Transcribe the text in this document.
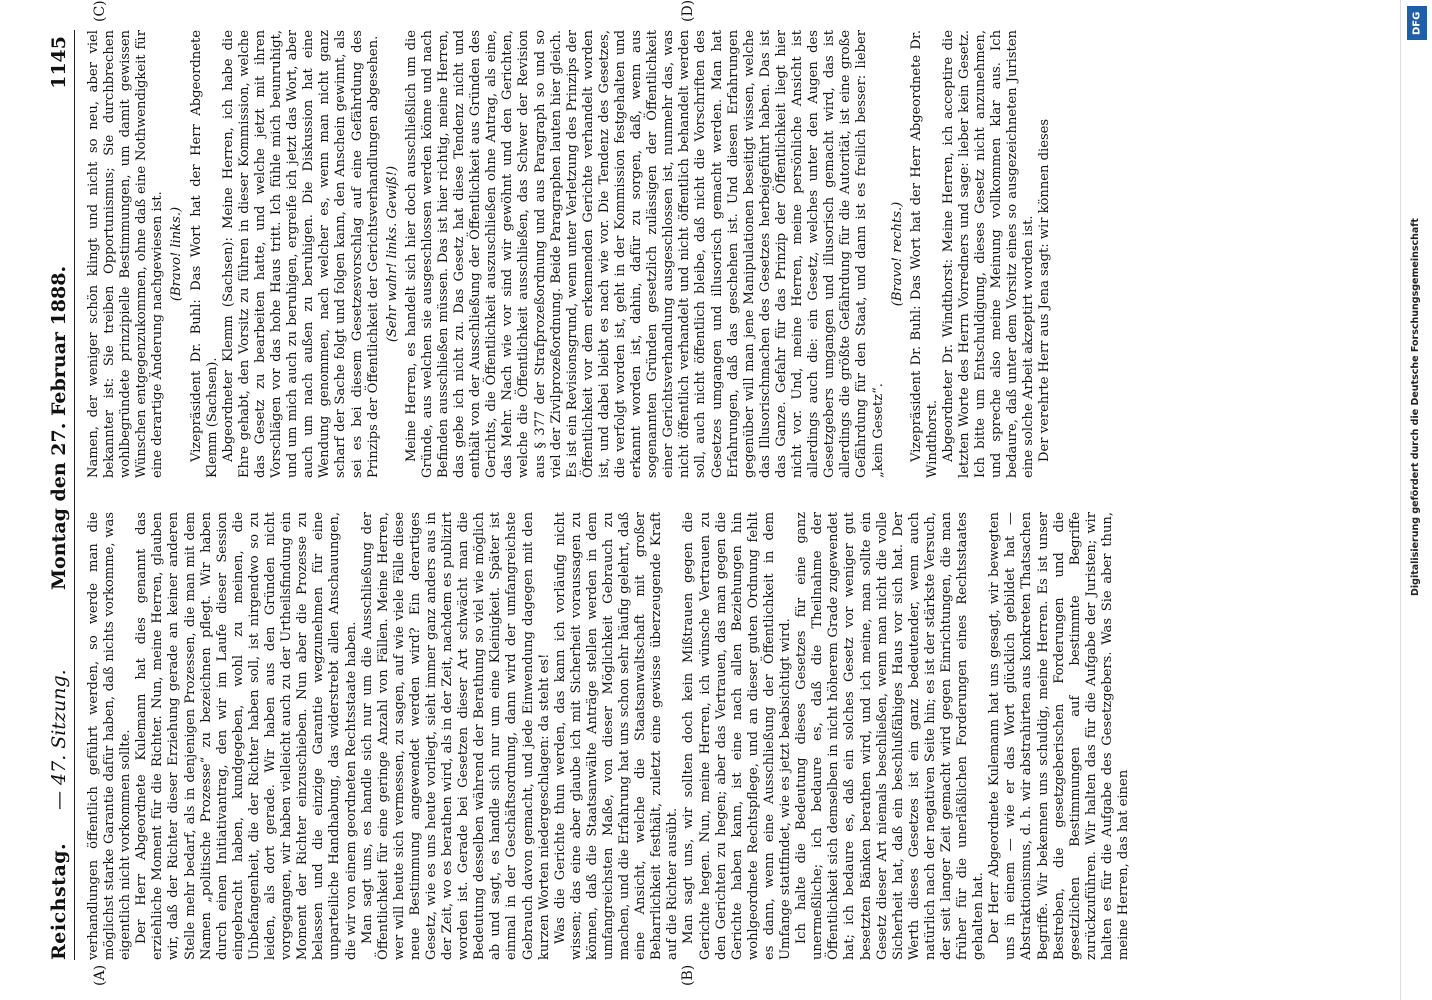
Reichstag.
— 47. Sitzung.
Montag den 27. Februar 1888.
1145
(A)	(B)
(C)	(D)

verhandlungen öffentlich geführt werden, so werde man die möglichst starke Garantie dafür haben, daß nichts vorkomme, was eigentlich nicht vorkommen sollte. Der Herr Abgeordnete Kulemann hat dies genannt das erziehliche Moment für die Richter. Nun, meine Herren, glauben wir, daß der Richter dieser Erziehung gerade an keiner anderen Stelle mehr bedarf, als in denjenigen Prozessen, die man mit dem Namen „politische Prozesse“ zu bezeichnen pflegt. Wir haben durch einen Initiativantrag, den wir im Laufe dieser Session eingebracht haben, kundgegeben, wohl zu meinen, die Unbefangenheit, die der Richter haben soll, ist nirgendwo so zu leiden, als dort gerade. Wir haben aus den Gründen nicht vorgegangen, wir haben vielleicht auch zu der Urtheilsfindung ein Moment der Richter einzuschieben. Nun aber die Prozesse zu belassen und die einzige Garantie wegzunehmen für eine unparteiliche Handhabung, das widerstrebt allen Anschauungen, die wir von einem geordneten Rechtsstaate haben. Man sagt uns, es handle sich nur um die Ausschließung der Öffentlichkeit für eine geringe Anzahl von Fällen. Meine Herren, wer will heute sich vermessen, zu sagen, auf wie viele Fälle diese neue Bestimmung angewendet werden wird? Ein derartiges Gesetz, wie es uns heute vorliegt, sieht immer ganz anders aus in der Zeit, wo es berathen wird, als in der Zeit, nachdem es publizirt worden ist. Gerade bei Gesetzen dieser Art schwächt man die Bedeutung desselben während der Berathung so viel wie möglich ab und sagt, es handle sich nur um eine Kleinigkeit. Später ist einmal in der Geschäftsordnung, dann wird der umfangreichste Gebrauch davon gemacht, und jede Einwendung dagegen mit den kurzen Worten niedergeschlagen: da steht es! Was die Gerichte thun werden, das kann ich vorläufig nicht wissen; das eine aber glaube ich mit Sicherheit voraussagen zu können, daß die Staatsanwälte Anträge stellen werden in dem umfangreichsten Maße, von dieser Möglichkeit Gebrauch zu machen, und die Erfahrung hat uns schon sehr häufig gelehrt, daß eine Ansicht, welche die Staatsanwaltschaft mit großer Beharrlichkeit festhält, zuletzt eine gewisse überzeugende Kraft auf die Richter ausübt. Man sagt uns, wir sollten doch kein Mißtrauen gegen die Gerichte hegen. Nun, meine Herren, ich wünsche Vertrauen zu den Gerichten zu hegen; aber das Vertrauen, das man gegen die Gerichte haben kann, ist eine nach allen Beziehungen hin wohlgeordnete Rechtspflege, und an dieser guten Ordnung fehlt es dann, wenn eine Ausschließung der Öffentlichkeit in dem Umfange stattfindet, wie es jetzt beabsichtigt wird. Ich halte die Bedeutung dieses Gesetzes für eine ganz unermeßliche; ich bedaure es, daß die Theilnahme der Öffentlichkeit sich demselben in nicht höherem Grade zugewendet hat; ich bedaure es, daß ein solches Gesetz vor weniger gut besetzten Bänken berathen wird, und ich meine, man sollte ein Gesetz dieser Art niemals beschließen, wenn man nicht die volle Sicherheit hat, daß ein beschlußfähiges Haus vor sich hat. Der Werth dieses Gesetzes ist ein ganz bedeutender, wenn auch natürlich nach der negativen Seite hin; es ist der stärkste Versuch, der seit langer Zeit gemacht wird gegen Einrichtungen, die man früher für die unerläßlichen Forderungen eines Rechtsstaates gehalten hat. Der Herr Abgeordnete Kulemann hat uns gesagt, wir bewegten uns in einem — wie er das Wort glücklich gebildet hat — Abstraktionismus, d. h. wir abstrahirten aus konkreten Thatsachen Begriffe. Wir bekennen uns schuldig, meine Herren. Es ist unser Bestreben, die gesetzgeberischen Forderungen und die gesetzlichen Bestimmungen auf bestimmte Begriffe zurückzuführen. Wir halten das für die Aufgabe der Juristen; wir halten es für die Aufgabe des Gesetzgebers. Was Sie aber thun, meine Herren, das hat einen

Namen, der weniger schön klingt und nicht so neu, aber viel bekannter ist: Sie treiben Opportunismus; Sie durchbrechen wohlbegründete prinzipielle Bestimmungen, um damit gewissen Wünschen entgegenzukommen, ohne daß eine Nothwendigkeit für eine derartige Änderung nachgewiesen ist. (Bravo! links.) Vizepräsident Dr. Buhl: Das Wort hat der Herr Abgeordnete Klemm (Sachsen). Abgeordneter Klemm (Sachsen): Meine Herren, ich habe die Ehre gehabt, den Vorsitz zu führen in dieser Kommission, welche das Gesetz zu bearbeiten hatte, und welche jetzt mit ihren Vorschlägen vor das hohe Haus tritt. Ich fühle mich beunruhigt, und um mich auch zu beruhigen, ergreife ich jetzt das Wort, aber auch um nach außen zu beruhigen. Die Diskussion hat eine Wendung genommen, nach welcher es, wenn man nicht ganz scharf der Sache folgt und folgen kann, den Anschein gewinnt, als sei es bei diesem Gesetzesvorschlag auf eine Gefährdung des Prinzips der Öffentlichkeit der Gerichtsverhandlungen abgesehen. (Sehr wahr! links. Gewiß!) Meine Herren, es handelt sich hier doch ausschließlich um die Gründe, aus welchen sie ausgeschlossen werden könne und nach Befinden ausschließen müssen. Das ist hier richtig, meine Herren, das gebe ich nicht zu. Das Gesetz hat diese Tendenz nicht und enthält von der Ausschließung der Öffentlichkeit aus Gründen des Gerichts, die Öffentlichkeit auszuschließen ohne Antrag, als eine, das Mehr. Nach wie vor sind wir gewöhnt und den Gerichten, welche die Öffentlichkeit ausschließen, das Schwer der Revision aus § 377 der Strafprozeßordnung und aus Paragraph so und so viel der Zivilprozeßordnung. Beide Paragraphen lauten hier gleich. Es ist ein Revisionsgrund, wenn unter Verletzung des Prinzips der Öffentlichkeit vor dem erkennenden Gerichte verhandelt worden ist, und dabei bleibt es nach wie vor. Die Tendenz des Gesetzes, die verfolgt worden ist, geht in der Kommission festgehalten und erkannt worden ist, dahin, dafür zu sorgen, daß, wenn aus sogenannten Gründen gesetzlich zulässigen der Öffentlichkeit einer Gerichtsverhandlung ausgeschlossen ist, nunmehr das, was nicht öffentlich verhandelt und nicht öffentlich behandelt werden soll, auch nicht öffentlich bleibe, daß nicht die Vorschriften des Gesetzes umgangen und illusorisch gemacht werden. Man hat Erfahrungen, daß das geschehen ist. Und diesen Erfahrungen gegenüber will man jene Manipulationen beseitigt wissen, welche das Illusorischmachen des Gesetzes herbeigeführt haben. Das ist das Ganze. Gefahr für das Prinzip der Öffentlichkeit liegt hier nicht vor. Und, meine Herren, meine persönliche Ansicht ist allerdings auch die: ein Gesetz, welches unter den Augen des Gesetzgebers umgangen und illusorisch gemacht wird, das ist allerdings die größte Gefährdung für die Autorität, ist eine große Gefährdung für den Staat, und dann ist es freilich besser: lieber „kein Gesetz“.

(Bravo! rechts.) Vizepräsident Dr. Buhl: Das Wort hat der Herr Abgeordnete Dr. Windthorst. Abgeordneter Dr. Windthorst: Meine Herren, ich acceptire die letzten Worte des Herrn Vorredners und sage: lieber kein Gesetz. Ich bitte um Entschuldigung, dieses Gesetz nicht anzunehmen, und spreche also meine Meinung vollkommen klar aus. Ich bedaure, daß unter dem Vorsitz eines so ausgezeichneten Juristen eine solche Arbeit akzeptirt worden ist. Der verehrte Herr aus Jena sagt: wir können dieses

DFG
Digitalisierung gefördert durch die Deutsche Forschungsgemeinschaft
